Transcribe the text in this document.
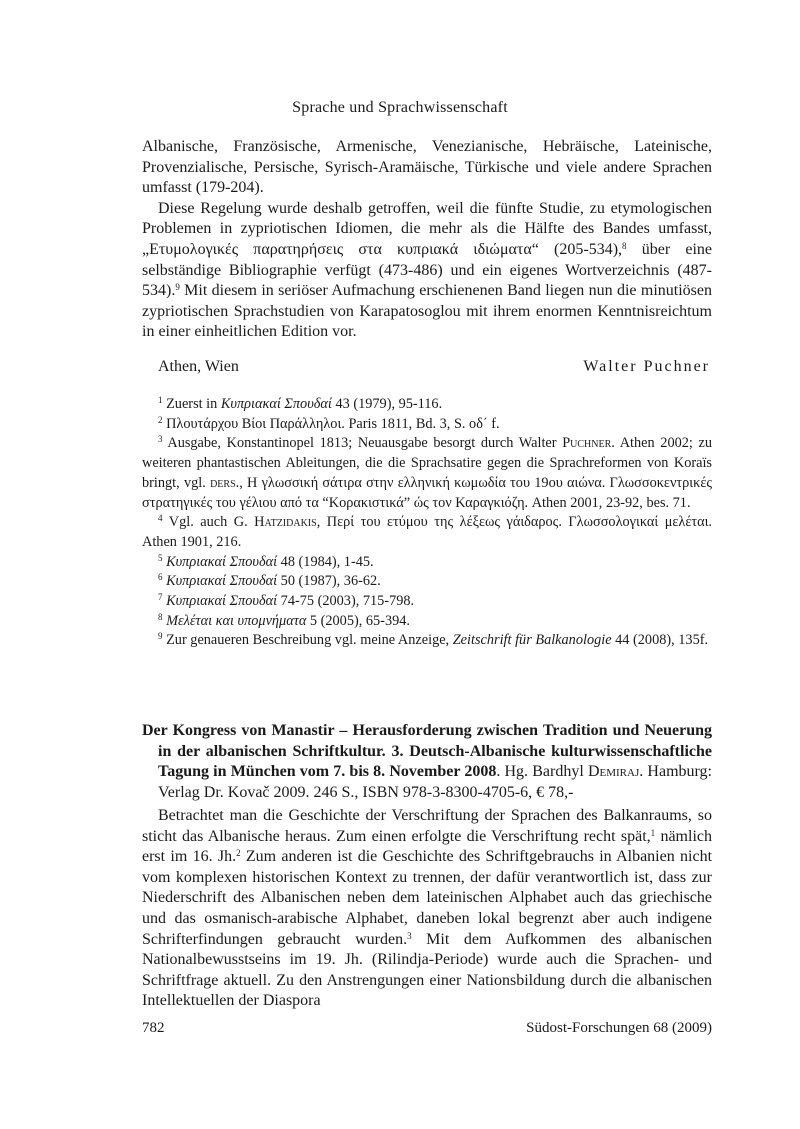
Sprache und Sprachwissenschaft

Albanische, Französische, Armenische, Venezianische, Hebräische, Lateinische, Provenzialische, Persische, Syrisch-Aramäische, Türkische und viele andere Sprachen umfasst (179-204).

Diese Regelung wurde deshalb getroffen, weil die fünfte Studie, zu etymologischen Problemen in zypriotischen Idiomen, die mehr als die Hälfte des Bandes umfasst, „Ετυμολογικές παρατηρήσεις στα κυπριακά ιδιώματα“ (205-534),$^8$ über eine selbständige Bibliographie verfügt (473-486) und ein eigenes Wortverzeichnis (487-534).$^9$ Mit diesem in seriöser Aufmachung erschienenen Band liegen nun die minutiösen zypriotischen Sprachstudien von Karapatosoglou mit ihrem enormen Kenntnisreichtum in einer einheitlichen Edition vor.

Athen, Wien	Walter Puchner

$^1$ Zuerst in Κυπριακαί Σπουδαί 43 (1979), 95-116.

$^2$ Πλουτάρχου Βίοι Παράλληλοι. Paris 1811, Bd. 3, S. οδ΄ f.

$^3$ Ausgabe, Konstantinopel 1813; Neuausgabe besorgt durch Walter Puchner. Athen 2002; zu weiteren phantastischen Ableitungen, die die Sprachsatire gegen die Sprachreformen von Koraïs bringt, vgl. ders., Η γλωσσική σάτιρα στην ελληνική κωμωδία του 19ου αιώνα. Γλωσσοκεντρικές στρατηγικές του γέλιου από τα “Κορακιστικά” ώς τον Καραγκιόζη. Athen 2001, 23-92, bes. 71.

$^4$ Vgl. auch G. Hatzidakis, Περί του ετύμου της λέξεως γάιδαρος. Γλωσσολογικαί μελέται. Athen 1901, 216.

$^5$ Κυπριακαί Σπουδαί 48 (1984), 1-45.

$^6$ Κυπριακαί Σπουδαί 50 (1987), 36-62.

$^7$ Κυπριακαί Σπουδαί 74-75 (2003), 715-798.

$^8$ Μελέται και υπομνήματα 5 (2005), 65-394.

$^9$ Zur genaueren Beschreibung vgl. meine Anzeige, Zeitschrift für Balkanologie 44 (2008), 135f.

Der Kongress von Manastir – Herausforderung zwischen Tradition und Neuerung in der albanischen Schriftkultur. 3. Deutsch-Albanische kulturwissenschaftliche Tagung in München vom 7. bis 8. November 2008. Hg. Bardhyl Demiraj. Hamburg: Verlag Dr. Kovač 2009. 246 S., ISBN 978-3-8300-4705-6, € 78,-

Betrachtet man die Geschichte der Verschriftung der Sprachen des Balkanraums, so sticht das Albanische heraus. Zum einen erfolgte die Verschriftung recht spät,$^1$ nämlich erst im 16. Jh.$^2$ Zum anderen ist die Geschichte des Schriftgebrauchs in Albanien nicht vom komplexen historischen Kontext zu trennen, der dafür verantwortlich ist, dass zur Niederschrift des Albanischen neben dem lateinischen Alphabet auch das griechische und das osmanisch-arabische Alphabet, daneben lokal begrenzt aber auch indigene Schrifterfindungen gebraucht wurden.$^3$ Mit dem Aufkommen des albanischen Nationalbewusstseins im 19. Jh. (Rilindja-Periode) wurde auch die Sprachen- und Schriftfrage aktuell. Zu den Anstrengungen einer Nationsbildung durch die albanischen Intellektuellen der Diaspora

782	Südost-Forschungen 68 (2009)
